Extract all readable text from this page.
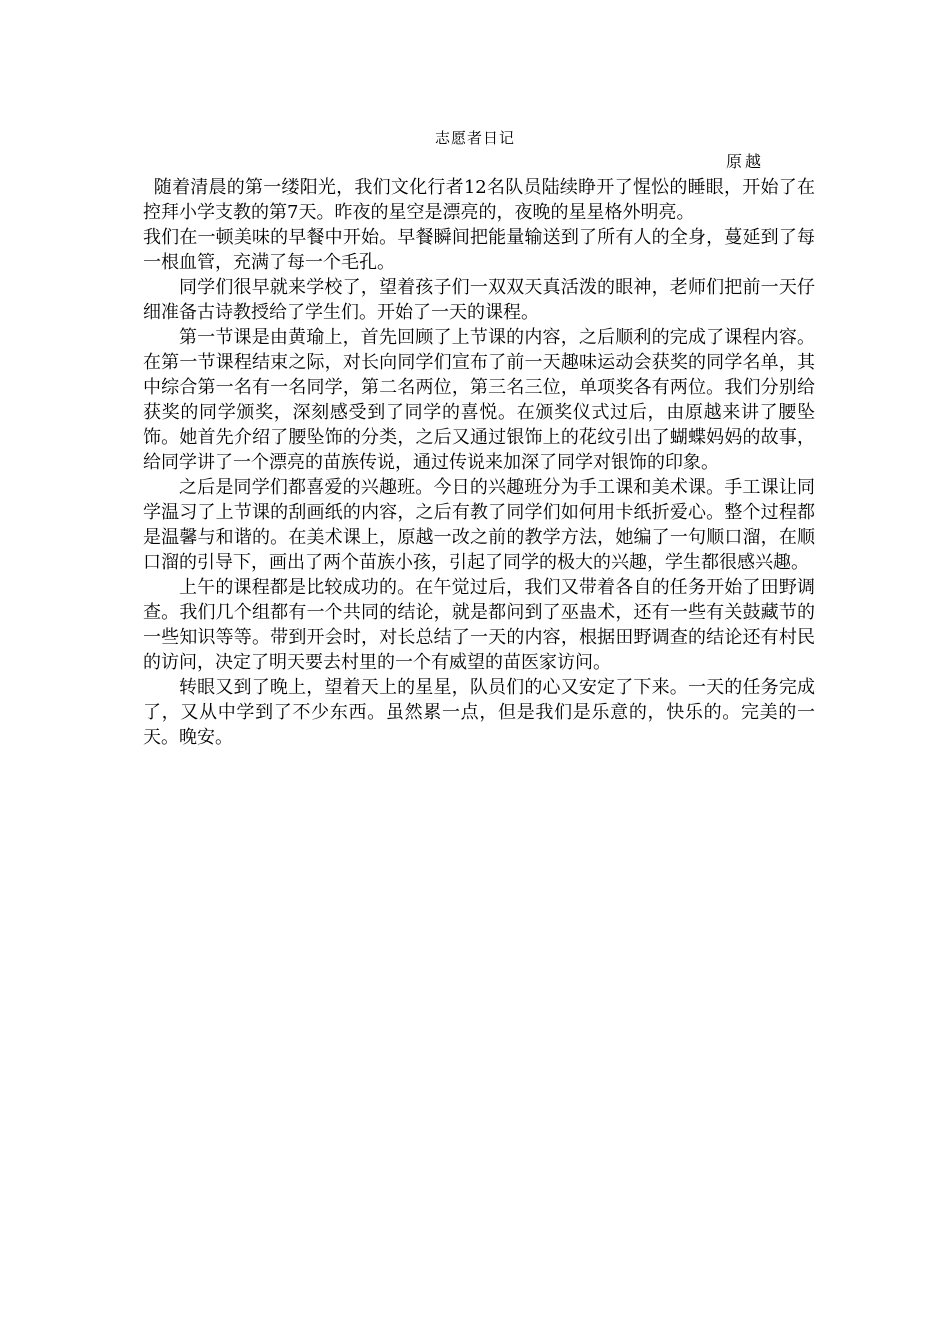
志愿者日记
原越

随着清晨的第一缕阳光，我们文化行者12名队员陆续睁开了惺忪的睡眼，开始了在控拜小学支教的第7天。昨夜的星空是漂亮的，夜晚的星星格外明亮。

我们在一顿美味的早餐中开始。早餐瞬间把能量输送到了所有人的全身，蔓延到了每一根血管，充满了每一个毛孔。

同学们很早就来学校了，望着孩子们一双双天真活泼的眼神，老师们把前一天仔细准备古诗教授给了学生们。开始了一天的课程。

第一节课是由黄瑜上，首先回顾了上节课的内容，之后顺利的完成了课程内容。在第一节课程结束之际，对长向同学们宣布了前一天趣味运动会获奖的同学名单，其中综合第一名有一名同学，第二名两位，第三名三位，单项奖各有两位。我们分别给获奖的同学颁奖，深刻感受到了同学的喜悦。在颁奖仪式过后，由原越来讲了腰坠饰。她首先介绍了腰坠饰的分类，之后又通过银饰上的花纹引出了蝴蝶妈妈的故事，给同学讲了一个漂亮的苗族传说，通过传说来加深了同学对银饰的印象。

之后是同学们都喜爱的兴趣班。今日的兴趣班分为手工课和美术课。手工课让同学温习了上节课的刮画纸的内容，之后有教了同学们如何用卡纸折爱心。整个过程都是温馨与和谐的。在美术课上，原越一改之前的教学方法，她编了一句顺口溜，在顺口溜的引导下，画出了两个苗族小孩，引起了同学的极大的兴趣，学生都很感兴趣。

上午的课程都是比较成功的。在午觉过后，我们又带着各自的任务开始了田野调查。我们几个组都有一个共同的结论，就是都问到了巫蛊术，还有一些有关鼓藏节的一些知识等等。带到开会时，对长总结了一天的内容，根据田野调查的结论还有村民的访问，决定了明天要去村里的一个有威望的苗医家访问。

转眼又到了晚上，望着天上的星星，队员们的心又安定了下来。一天的任务完成了，又从中学到了不少东西。虽然累一点，但是我们是乐意的，快乐的。完美的一天。晚安。
